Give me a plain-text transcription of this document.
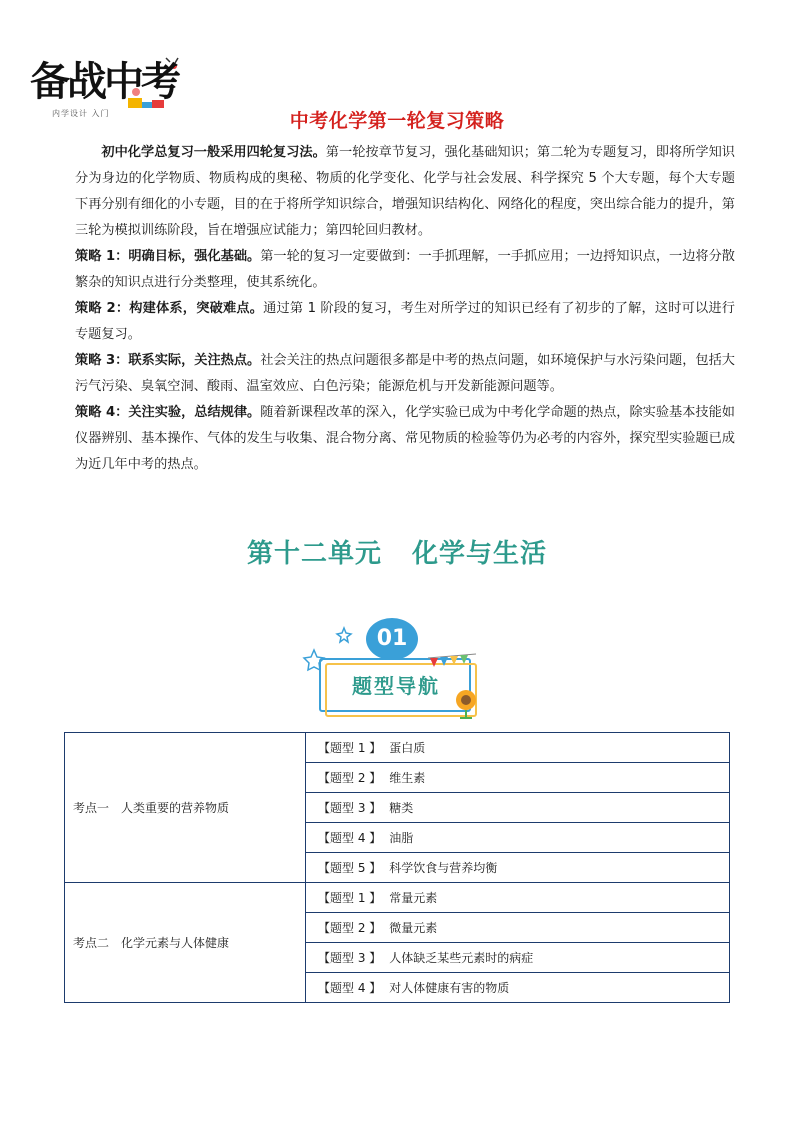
备战中考
内学设计 入门	中考化学第一轮复习策略

初中化学总复习一般采用四轮复习法。第一轮按章节复习，强化基础知识；第二轮为专题复习，即将所学知识分为身边的化学物质、物质构成的奥秘、物质的化学变化、化学与社会发展、科学探究 5 个大专题，每个大专题下再分别有细化的小专题，目的在于将所学知识综合，增强知识结构化、网络化的程度，突出综合能力的提升，第三轮为模拟训练阶段，旨在增强应试能力；第四轮回归教材。

策略 1：明确目标，强化基础。第一轮的复习一定要做到：一手抓理解，一手抓应用；一边捋知识点，一边将分散繁杂的知识点进行分类整理，使其系统化。

策略 2：构建体系，突破难点。通过第 1 阶段的复习，考生对所学过的知识已经有了初步的了解，这时可以进行专题复习。

策略 3：联系实际，关注热点。社会关注的热点问题很多都是中考的热点问题，如环境保护与水污染问题，包括大污气污染、臭氧空洞、酸雨、温室效应、白色污染；能源危机与开发新能源问题等。

策略 4：关注实验，总结规律。随着新课程改革的深入，化学实验已成为中考化学命题的热点，除实验基本技能如仪器辨别、基本操作、气体的发生与收集、混合物分离、常见物质的检验等仍为必考的内容外，探究型实验题已成为近几年中考的热点。

第十二单元 化学与生活
01
题型导航
考点一　人类重要的营养物质	【题型 1 】 蛋白质
	【题型 2 】 维生素
	【题型 3 】 糖类
	【题型 4 】 油脂
	【题型 5 】 科学饮食与营养均衡
考点二　化学元素与人体健康	【题型 1 】 常量元素
	【题型 2 】 微量元素
	【题型 3 】 人体缺乏某些元素时的病症
	【题型 4 】 对人体健康有害的物质
